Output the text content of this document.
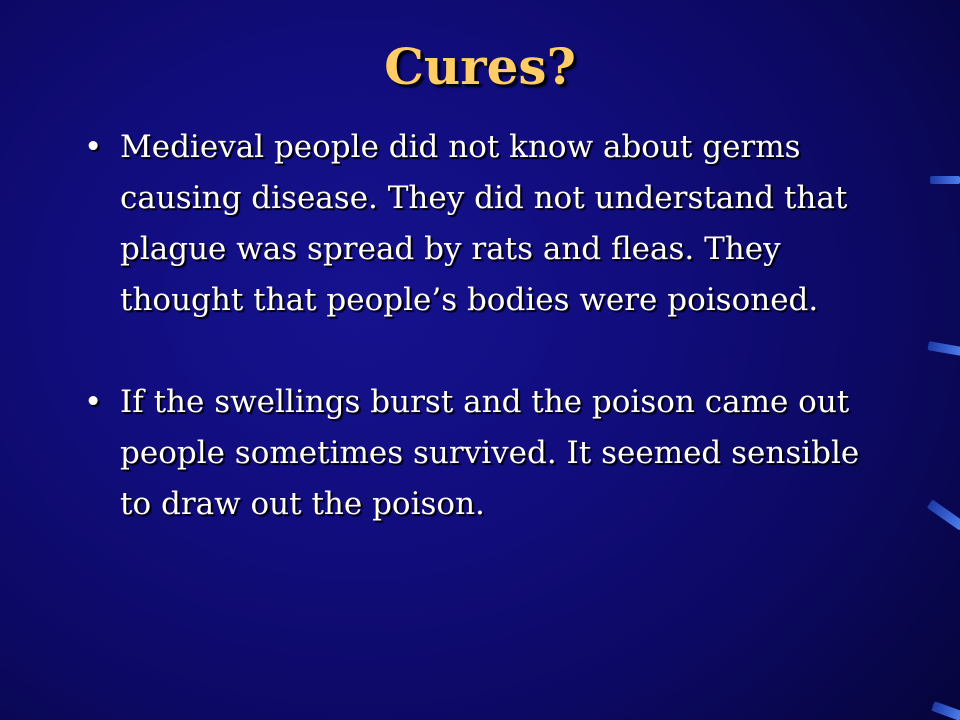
Cures?
• Medieval people did not know about germs causing disease. They did not understand that plague was spread by rats and fleas. They thought that people’s bodies were poisoned.
• If the swellings burst and the poison came out people sometimes survived. It seemed sensible to draw out the poison.
